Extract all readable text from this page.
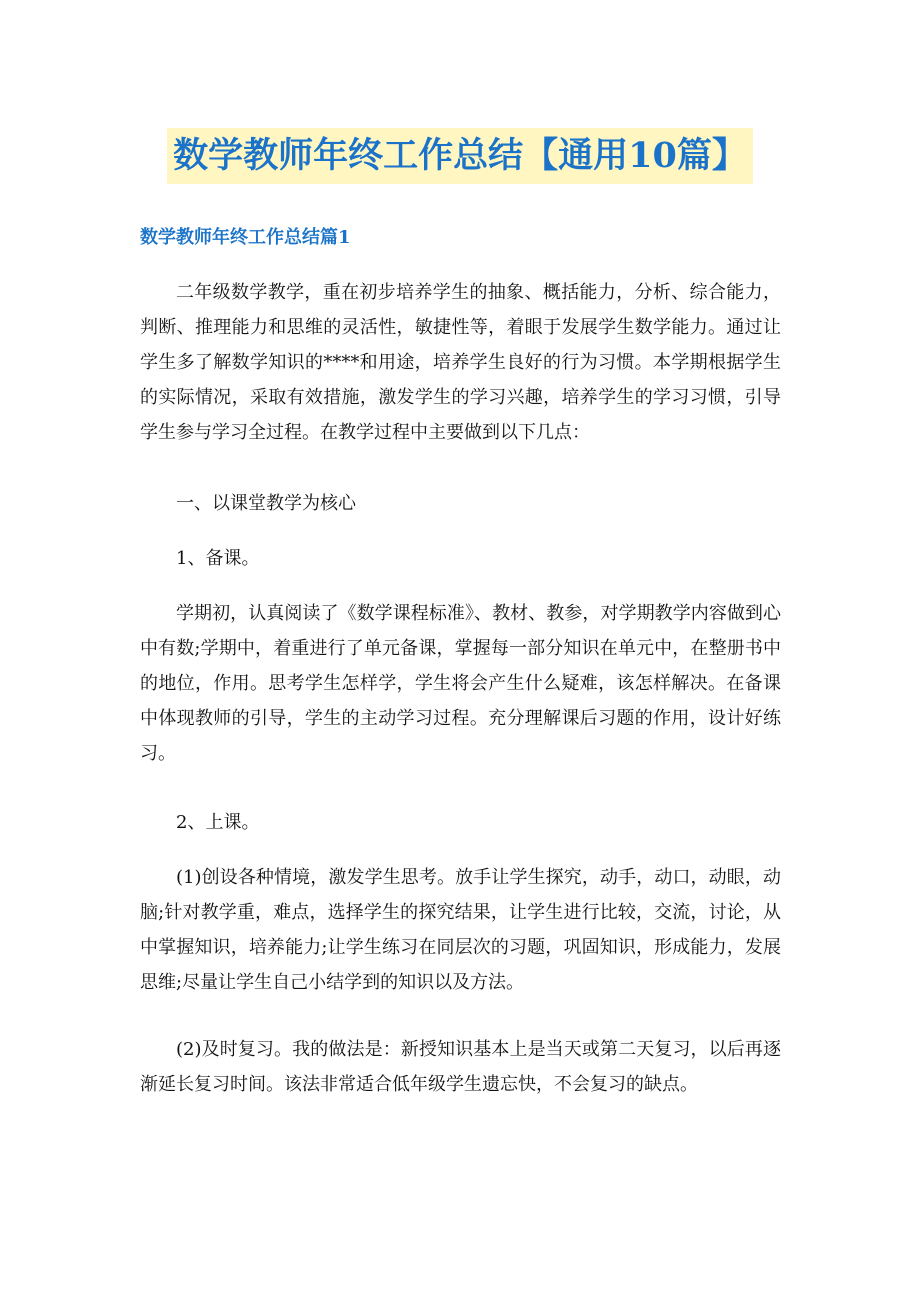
数学教师年终工作总结【通用10篇】
数学教师年终工作总结篇1

二年级数学教学，重在初步培养学生的抽象、概括能力，分析、综合能力，判断、推理能力和思维的灵活性，敏捷性等，着眼于发展学生数学能力。通过让学生多了解数学知识的****和用途，培养学生良好的行为习惯。本学期根据学生的实际情况，采取有效措施，激发学生的学习兴趣，培养学生的学习习惯，引导学生参与学习全过程。在教学过程中主要做到以下几点：

一、以课堂教学为核心

1、备课。

学期初，认真阅读了《数学课程标准》、教材、教参，对学期教学内容做到心中有数;学期中，着重进行了单元备课，掌握每一部分知识在单元中，在整册书中的地位，作用。思考学生怎样学，学生将会产生什么疑难，该怎样解决。在备课中体现教师的引导，学生的主动学习过程。充分理解课后习题的作用，设计好练习。

2、上课。

(1)创设各种情境，激发学生思考。放手让学生探究，动手，动口，动眼，动脑;针对教学重，难点，选择学生的探究结果，让学生进行比较，交流，讨论，从中掌握知识，培养能力;让学生练习在同层次的习题，巩固知识，形成能力，发展思维;尽量让学生自己小结学到的知识以及方法。

(2)及时复习。我的做法是：新授知识基本上是当天或第二天复习，以后再逐渐延长复习时间。该法非常适合低年级学生遗忘快，不会复习的缺点。
